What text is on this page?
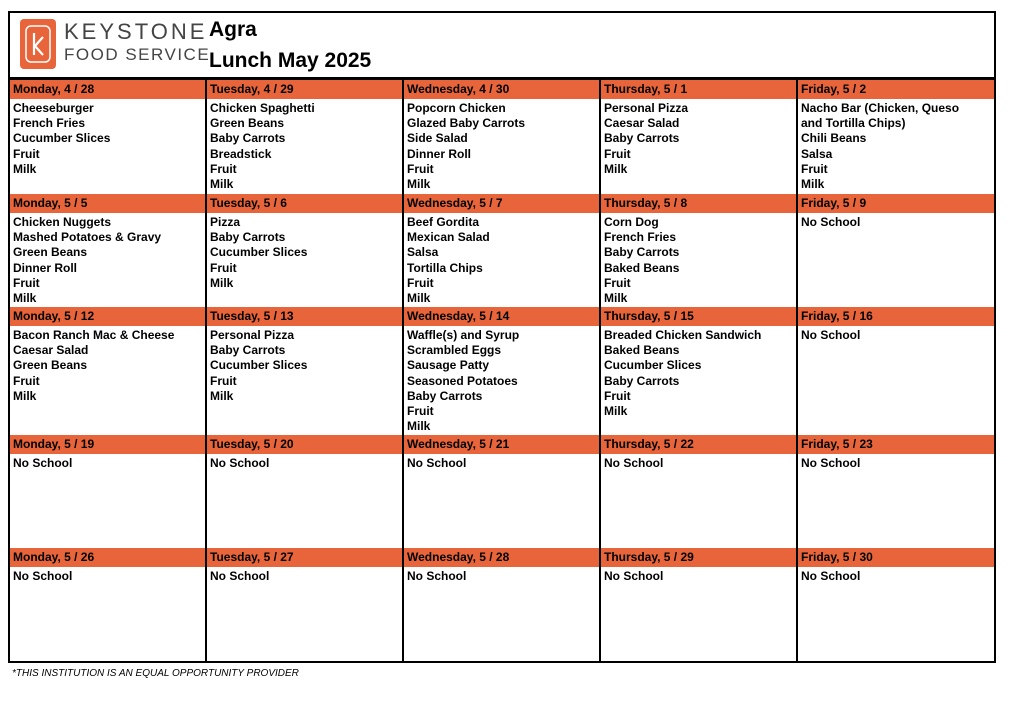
KEYSTONE
FOOD SERVICE
Agra
Lunch May 2025
Monday, 4 / 28
Cheeseburger
French Fries
Cucumber Slices
Fruit
Milk
Tuesday, 4 / 29
Chicken Spaghetti
Green Beans
Baby Carrots
Breadstick
Fruit
Milk
Wednesday, 4 / 30
Popcorn Chicken
Glazed Baby Carrots
Side Salad
Dinner Roll
Fruit
Milk
Thursday, 5 / 1
Personal Pizza
Caesar Salad
Baby Carrots
Fruit
Milk
Friday, 5 / 2
Nacho Bar (Chicken, Queso
and Tortilla Chips)
Chili Beans
Salsa
Fruit
Milk
Monday, 5 / 5
Chicken Nuggets
Mashed Potatoes & Gravy
Green Beans
Dinner Roll
Fruit
Milk
Tuesday, 5 / 6
Pizza
Baby Carrots
Cucumber Slices
Fruit
Milk
Wednesday, 5 / 7
Beef Gordita
Mexican Salad
Salsa
Tortilla Chips
Fruit
Milk
Thursday, 5 / 8
Corn Dog
French Fries
Baby Carrots
Baked Beans
Fruit
Milk
Friday, 5 / 9
No School
Monday, 5 / 12
Bacon Ranch Mac & Cheese
Caesar Salad
Green Beans
Fruit
Milk
Tuesday, 5 / 13
Personal Pizza
Baby Carrots
Cucumber Slices
Fruit
Milk
Wednesday, 5 / 14
Waffle(s) and Syrup
Scrambled Eggs
Sausage Patty
Seasoned Potatoes
Baby Carrots
Fruit
Milk
Thursday, 5 / 15
Breaded Chicken Sandwich
Baked Beans
Cucumber Slices
Baby Carrots
Fruit
Milk
Friday, 5 / 16
No School
Monday, 5 / 19
No School
Tuesday, 5 / 20
No School
Wednesday, 5 / 21
No School
Thursday, 5 / 22
No School
Friday, 5 / 23
No School
Monday, 5 / 26
No School
Tuesday, 5 / 27
No School
Wednesday, 5 / 28
No School
Thursday, 5 / 29
No School
Friday, 5 / 30
No School
*THIS INSTITUTION IS AN EQUAL OPPORTUNITY PROVIDER
